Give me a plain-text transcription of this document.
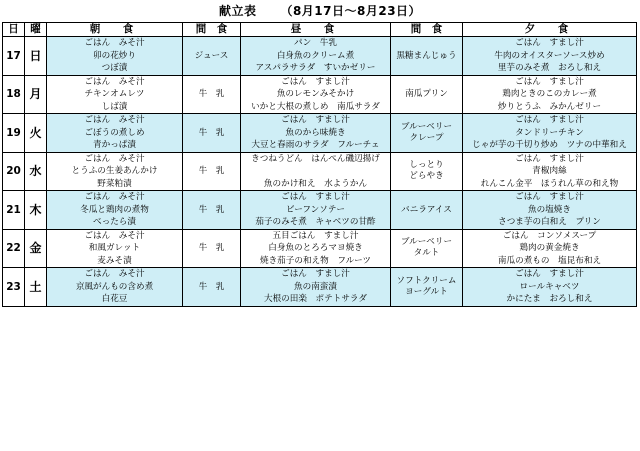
献立表 （8月17日～8月23日）
日	曜	朝　食	間　食	昼　食	間　食	夕　食
17	日	ごはん　みそ汁
卯の花炒り
つぼ漬	ジュース	パン　牛乳
白身魚のクリーム煮
アスパラサラダ　すいかゼリー	黒糖まんじゅう	ごはん　すまし汁
牛肉のオイスターソース炒め
里芋のみそ煮　おろし和え

18	月	ごはん　みそ汁
チキンオムレツ
しば漬	牛　乳	ごはん　すまし汁
魚のレモンみそかけ
いかと大根の煮しめ　南瓜サラダ	南瓜プリン	ごはん　すまし汁
鶏肉ときのこのカレー煮
炒りとうふ　みかんゼリー

19	火	ごはん　みそ汁
ごぼうの煮しめ
青かっぱ漬	牛　乳	ごはん　すまし汁
魚のから味焼き
大豆と春雨のサラダ　フルーチェ	ブルーベリー
クレープ	ごはん　すまし汁
タンドリーチキン
じゃが芋の千切り炒め　ツナの中華和え

20	水	ごはん　みそ汁
とうふの生姜あんかけ
野菜粕漬	牛　乳	きつねうどん　はんぺん磯辺揚げ
魚のかけ和え　水ようかん	しっとり
どらやき	ごはん　すまし汁
青椒肉絲
れんこん金平　ほうれん草の和え物

21	木	ごはん　みそ汁
冬瓜と鶏肉の煮物
べったら漬	牛　乳	ごはん　すまし汁
ビーフンソテー
茄子のみそ煮　キャベツの甘酢	バニラアイス	ごはん　すまし汁
魚の塩焼き
さつま芋の白和え　プリン

22	金	ごはん　みそ汁
和風ガレット
麦みそ漬	牛　乳	五目ごはん　すまし汁
白身魚のとろろマヨ焼き
焼き茄子の和え物　フルーツ	ブルーベリー
タルト	ごはん　コンソメスープ
鶏肉の黄金焼き
南瓜の煮もの　塩昆布和え

23	土	ごはん　みそ汁
京風がんもの含め煮
白花豆	牛　乳	ごはん　すまし汁
魚の南蛮漬
大根の田楽　ポテトサラダ	ソフトクリーム
ヨーグルト	ごはん　すまし汁
ロールキャベツ
かにたま　おろし和え
